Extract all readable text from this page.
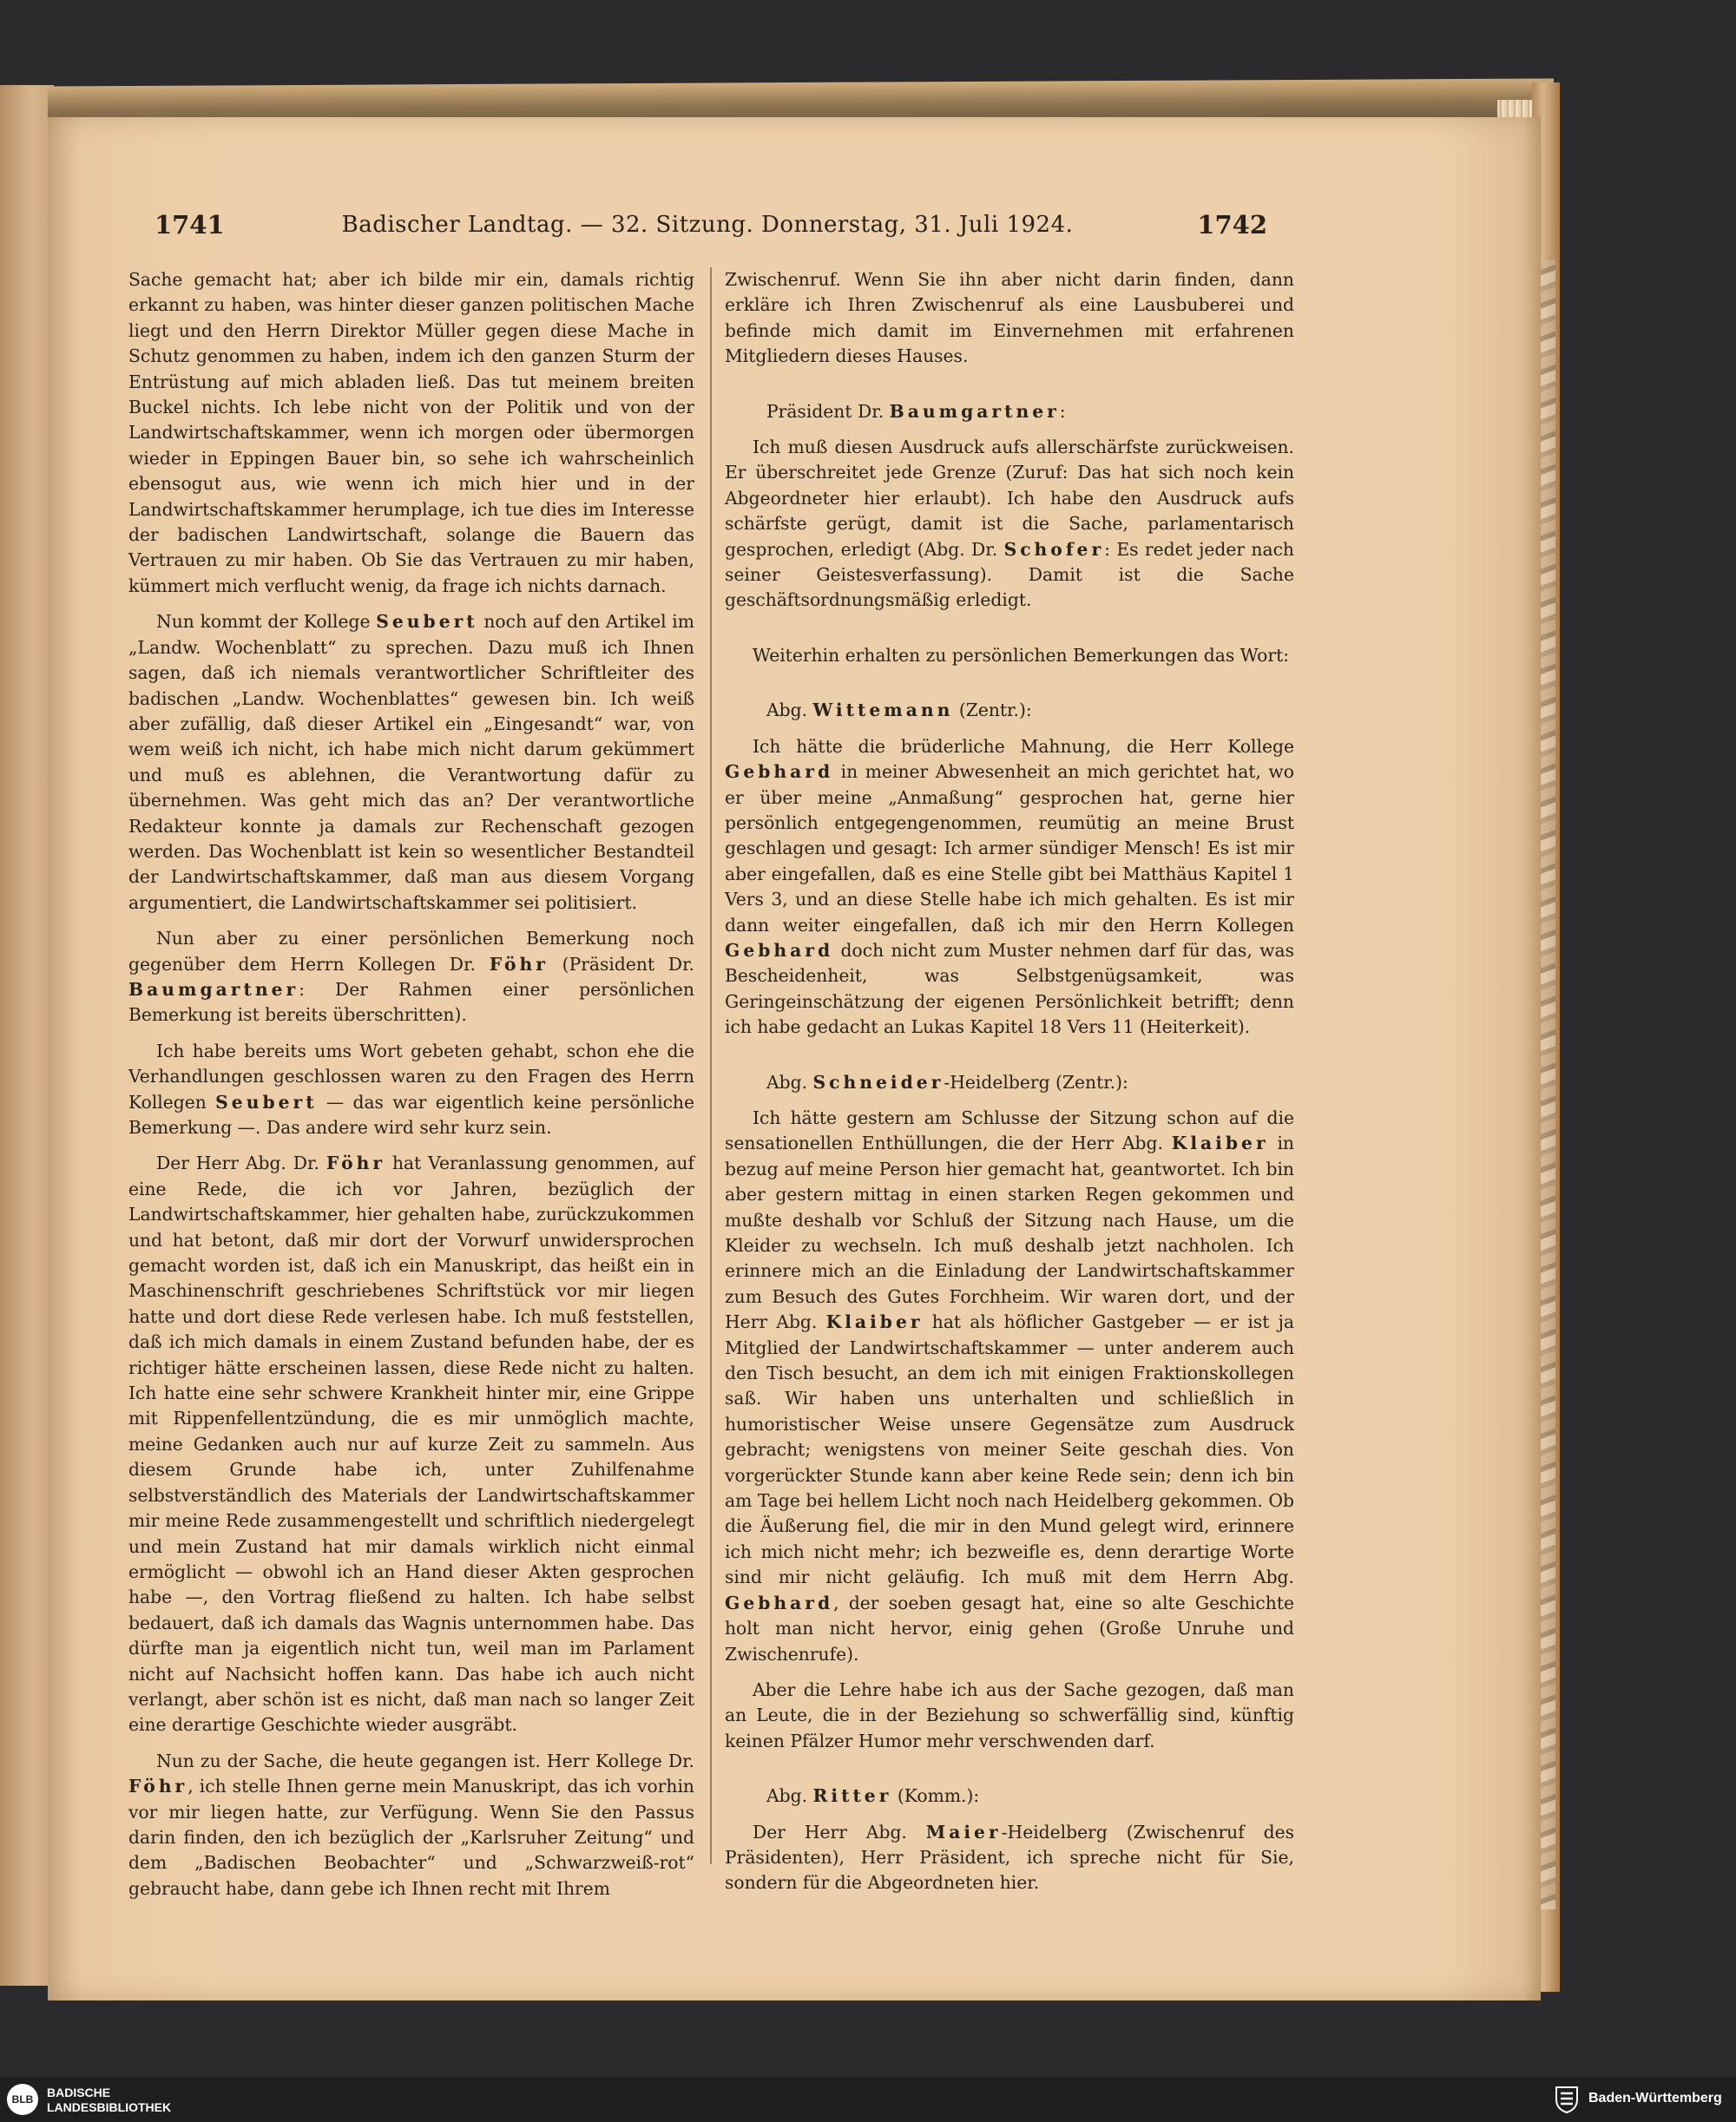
1741	Badischer Landtag. — 32. Sitzung. Donnerstag, 31. Juli 1924.	1742

Sache gemacht hat; aber ich bilde mir ein, damals richtig erkannt zu haben, was hinter dieser ganzen politischen Mache liegt und den Herrn Direktor Müller gegen diese Mache in Schutz genommen zu haben, indem ich den ganzen Sturm der Entrüstung auf mich abladen ließ. Das tut meinem breiten Buckel nichts. Ich lebe nicht von der Politik und von der Landwirtschaftskammer, wenn ich morgen oder übermorgen wieder in Eppingen Bauer bin, so sehe ich wahrscheinlich ebensogut aus, wie wenn ich mich hier und in der Landwirtschaftskammer herumplage, ich tue dies im Interesse der badischen Landwirtschaft, solange die Bauern das Vertrauen zu mir haben. Ob Sie das Vertrauen zu mir haben, kümmert mich verflucht wenig, da frage ich nichts darnach.

Nun kommt der Kollege Seubert noch auf den Artikel im „Landw. Wochenblatt“ zu sprechen. Dazu muß ich Ihnen sagen, daß ich niemals verantwortlicher Schriftleiter des badischen „Landw. Wochenblattes“ gewesen bin. Ich weiß aber zufällig, daß dieser Artikel ein „Eingesandt“ war, von wem weiß ich nicht, ich habe mich nicht darum gekümmert und muß es ablehnen, die Verantwortung dafür zu übernehmen. Was geht mich das an? Der verantwortliche Redakteur konnte ja damals zur Rechenschaft gezogen werden. Das Wochenblatt ist kein so wesentlicher Bestandteil der Landwirtschaftskammer, daß man aus diesem Vorgang argumentiert, die Landwirtschaftskammer sei politisiert.

Nun aber zu einer persönlichen Bemerkung noch gegenüber dem Herrn Kollegen Dr. Föhr (Präsident Dr. Baumgartner: Der Rahmen einer persönlichen Bemerkung ist bereits überschritten).

Ich habe bereits ums Wort gebeten gehabt, schon ehe die Verhandlungen geschlossen waren zu den Fragen des Herrn Kollegen Seubert — das war eigentlich keine persönliche Bemerkung —. Das andere wird sehr kurz sein.

Der Herr Abg. Dr. Föhr hat Veranlassung genommen, auf eine Rede, die ich vor Jahren, bezüglich der Landwirtschaftskammer, hier gehalten habe, zurückzukommen und hat betont, daß mir dort der Vorwurf unwidersprochen gemacht worden ist, daß ich ein Manuskript, das heißt ein in Maschinenschrift geschriebenes Schriftstück vor mir liegen hatte und dort diese Rede verlesen habe. Ich muß feststellen, daß ich mich damals in einem Zustand befunden habe, der es richtiger hätte erscheinen lassen, diese Rede nicht zu halten. Ich hatte eine sehr schwere Krankheit hinter mir, eine Grippe mit Rippenfellentzündung, die es mir unmöglich machte, meine Gedanken auch nur auf kurze Zeit zu sammeln. Aus diesem Grunde habe ich, unter Zuhilfenahme selbstverständlich des Materials der Landwirtschaftskammer mir meine Rede zusammengestellt und schriftlich niedergelegt und mein Zustand hat mir damals wirklich nicht einmal ermöglicht — obwohl ich an Hand dieser Akten gesprochen habe —, den Vortrag fließend zu halten. Ich habe selbst bedauert, daß ich damals das Wagnis unternommen habe. Das dürfte man ja eigentlich nicht tun, weil man im Parlament nicht auf Nachsicht hoffen kann. Das habe ich auch nicht verlangt, aber schön ist es nicht, daß man nach so langer Zeit eine derartige Geschichte wieder ausgräbt.

Nun zu der Sache, die heute gegangen ist. Herr Kollege Dr. Föhr, ich stelle Ihnen gerne mein Manuskript, das ich vorhin vor mir liegen hatte, zur Verfügung. Wenn Sie den Passus darin finden, den ich bezüglich der „Karlsruher Zeitung“ und dem „Badischen Beobachter“ und „Schwarzweiß-rot“ gebraucht habe, dann gebe ich Ihnen recht mit Ihrem

Zwischenruf. Wenn Sie ihn aber nicht darin finden, dann erkläre ich Ihren Zwischenruf als eine Lausbuberei und befinde mich damit im Einvernehmen mit erfahrenen Mitgliedern dieses Hauses.

Präsident Dr. Baumgartner:

Ich muß diesen Ausdruck aufs allerschärfste zurückweisen. Er überschreitet jede Grenze (Zuruf: Das hat sich noch kein Abgeordneter hier erlaubt). Ich habe den Ausdruck aufs schärfste gerügt, damit ist die Sache, parlamentarisch gesprochen, erledigt (Abg. Dr. Schofer: Es redet jeder nach seiner Geistesverfassung). Damit ist die Sache geschäftsordnungsmäßig erledigt.

Weiterhin erhalten zu persönlichen Bemerkungen das Wort:

Abg. Wittemann (Zentr.):

Ich hätte die brüderliche Mahnung, die Herr Kollege Gebhard in meiner Abwesenheit an mich gerichtet hat, wo er über meine „Anmaßung“ gesprochen hat, gerne hier persönlich entgegengenommen, reumütig an meine Brust geschlagen und gesagt: Ich armer sündiger Mensch! Es ist mir aber eingefallen, daß es eine Stelle gibt bei Matthäus Kapitel 1 Vers 3, und an diese Stelle habe ich mich gehalten. Es ist mir dann weiter eingefallen, daß ich mir den Herrn Kollegen Gebhard doch nicht zum Muster nehmen darf für das, was Bescheidenheit, was Selbstgenügsamkeit, was Geringeinschätzung der eigenen Persönlichkeit betrifft; denn ich habe gedacht an Lukas Kapitel 18 Vers 11 (Heiterkeit).

Abg. Schneider-Heidelberg (Zentr.):

Ich hätte gestern am Schlusse der Sitzung schon auf die sensationellen Enthüllungen, die der Herr Abg. Klaiber in bezug auf meine Person hier gemacht hat, geantwortet. Ich bin aber gestern mittag in einen starken Regen gekommen und mußte deshalb vor Schluß der Sitzung nach Hause, um die Kleider zu wechseln. Ich muß deshalb jetzt nachholen. Ich erinnere mich an die Einladung der Landwirtschaftskammer zum Besuch des Gutes Forchheim. Wir waren dort, und der Herr Abg. Klaiber hat als höflicher Gastgeber — er ist ja Mitglied der Landwirtschaftskammer — unter anderem auch den Tisch besucht, an dem ich mit einigen Fraktionskollegen saß. Wir haben uns unterhalten und schließlich in humoristischer Weise unsere Gegensätze zum Ausdruck gebracht; wenigstens von meiner Seite geschah dies. Von vorgerückter Stunde kann aber keine Rede sein; denn ich bin am Tage bei hellem Licht noch nach Heidelberg gekommen. Ob die Äußerung fiel, die mir in den Mund gelegt wird, erinnere ich mich nicht mehr; ich bezweifle es, denn derartige Worte sind mir nicht geläufig. Ich muß mit dem Herrn Abg. Gebhard, der soeben gesagt hat, eine so alte Geschichte holt man nicht hervor, einig gehen (Große Unruhe und Zwischenrufe).

Aber die Lehre habe ich aus der Sache gezogen, daß man an Leute, die in der Beziehung so schwerfällig sind, künftig keinen Pfälzer Humor mehr verschwenden darf.

Abg. Ritter (Komm.):

Der Herr Abg. Maier-Heidelberg (Zwischenruf des Präsidenten), Herr Präsident, ich spreche nicht für Sie, sondern für die Abgeordneten hier.

BLB	BADISCHE
LANDESBIBLIOTHEK
Baden-Württemberg
